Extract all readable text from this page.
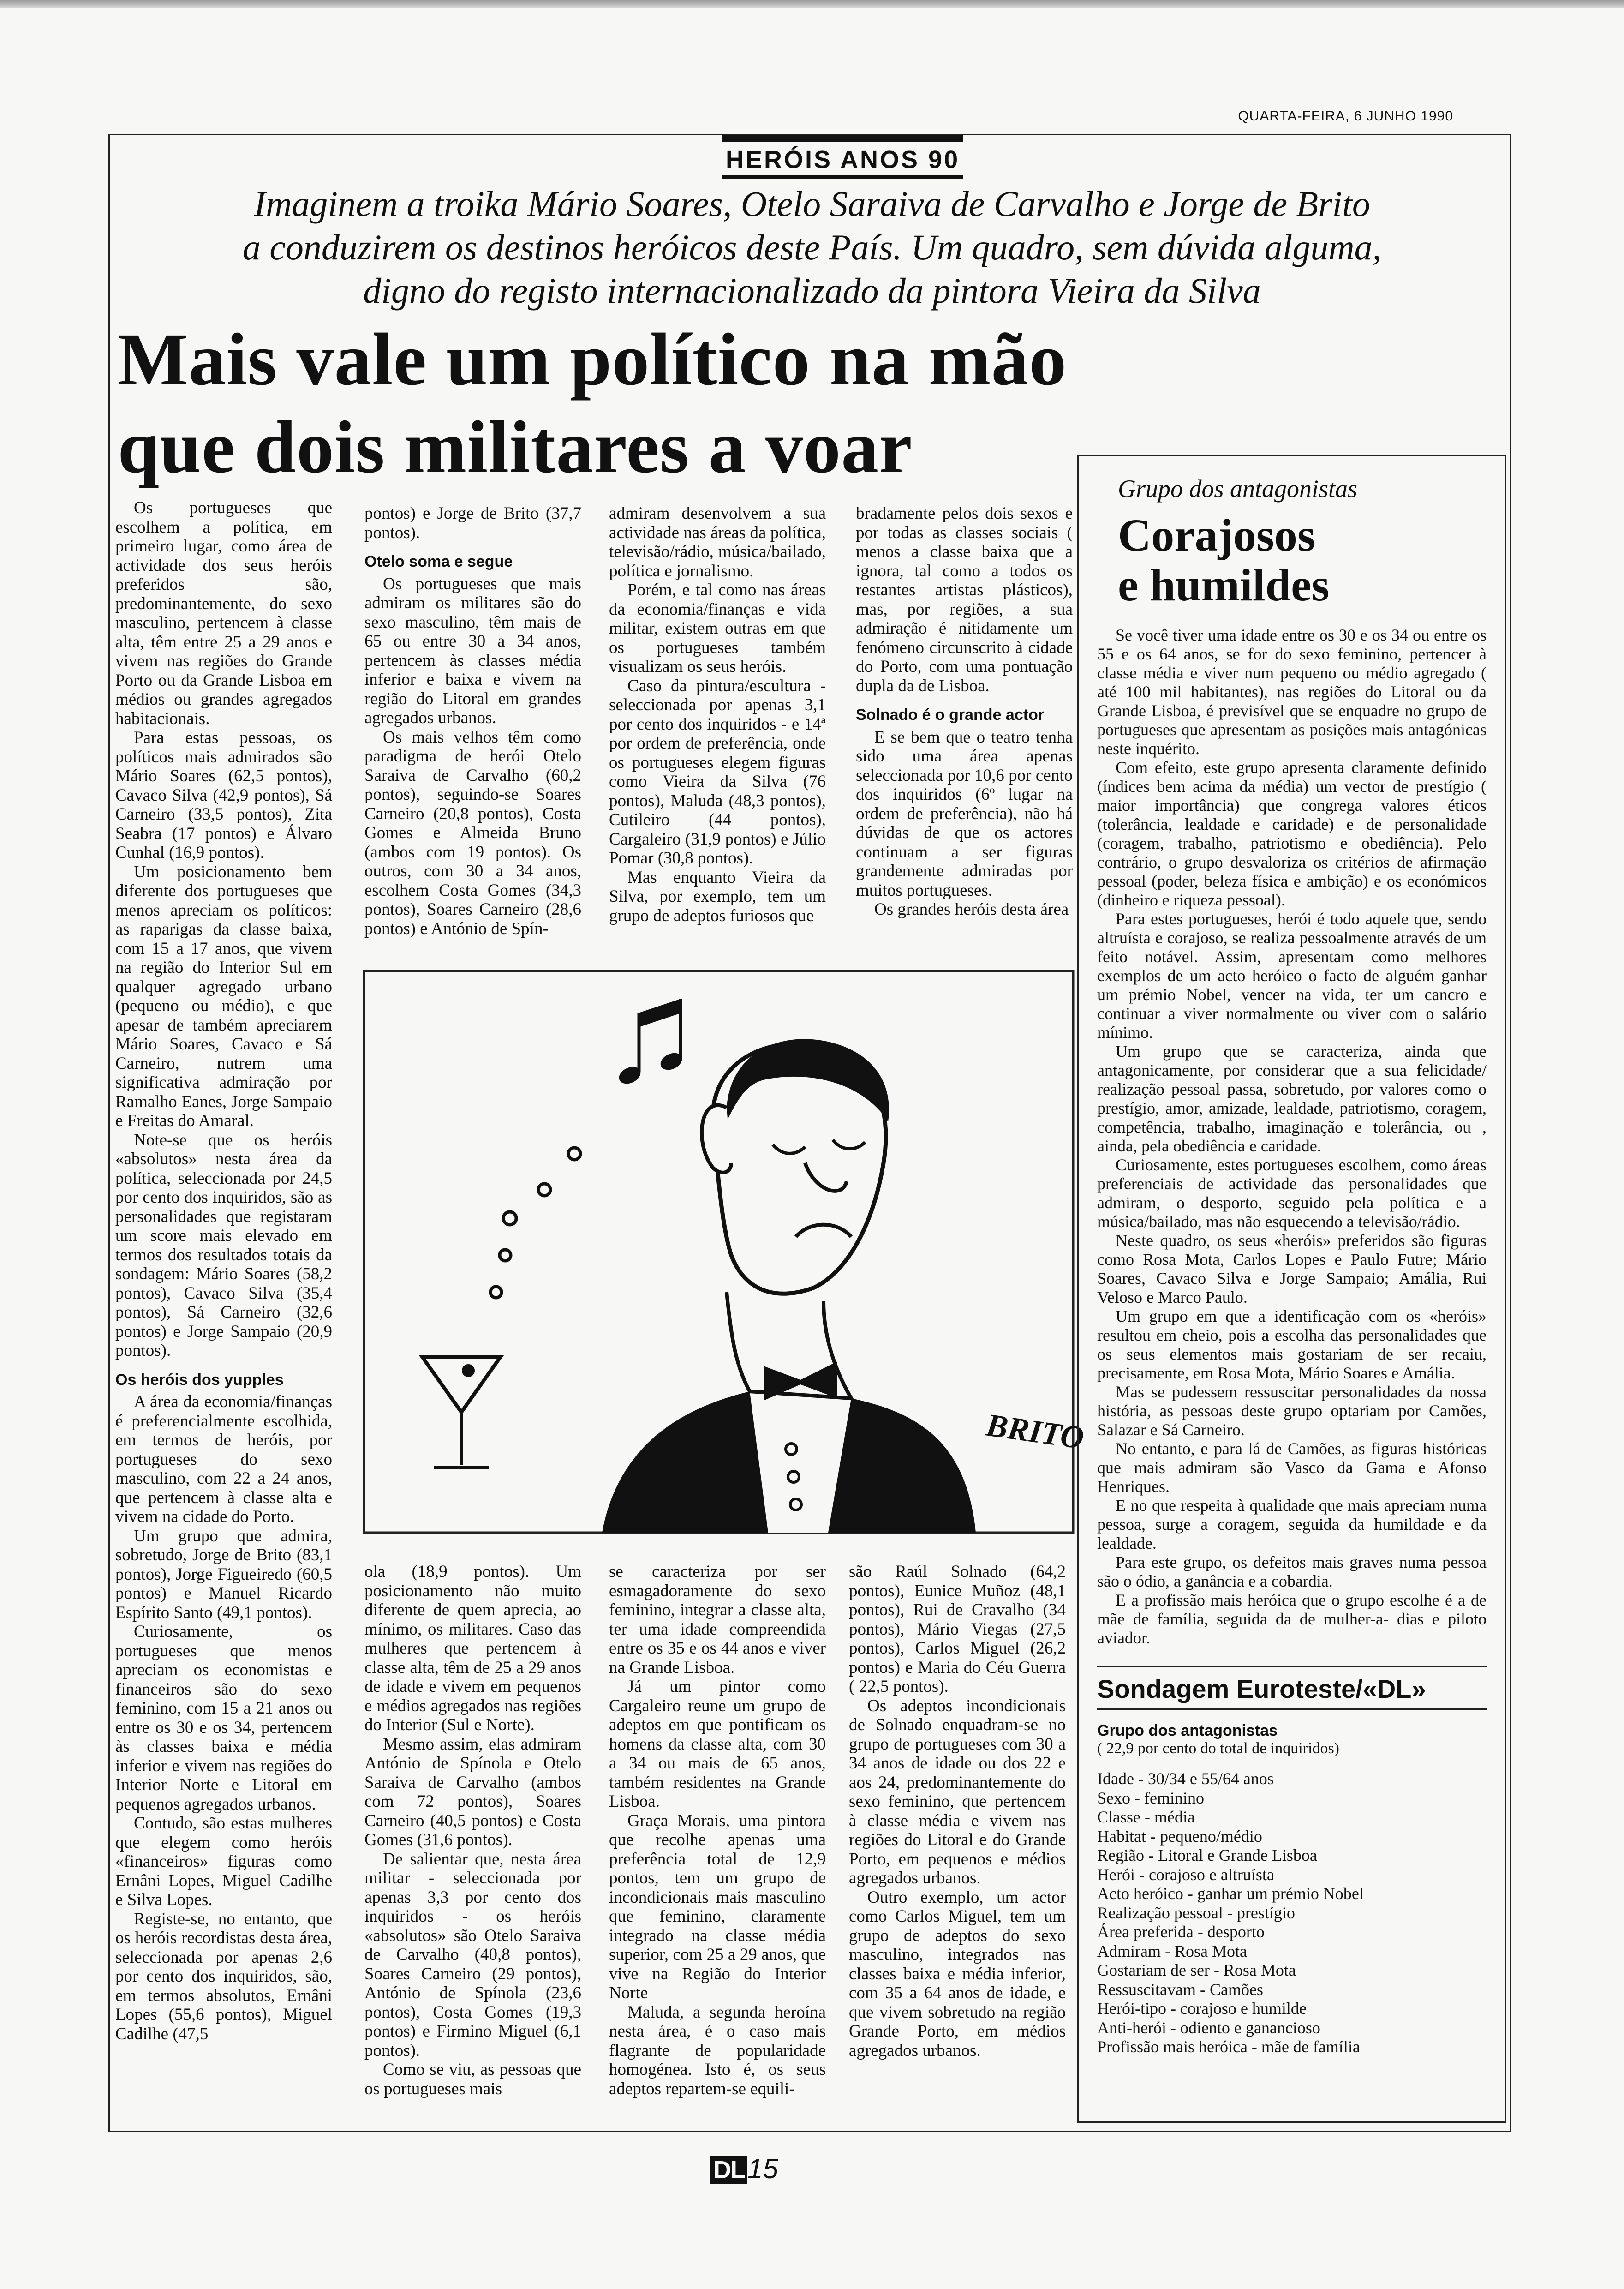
QUARTA-FEIRA, 6 JUNHO 1990
HERÓIS ANOS 90
Imaginem a troika Mário Soares, Otelo Saraiva de Carvalho e Jorge de Brito
a conduzirem os destinos heróicos deste País. Um quadro, sem dúvida alguma,
digno do registo internacionalizado da pintora Vieira da Silva
Mais vale um político na mão
que dois militares a voar

Os portugueses que escolhem a política, em primeiro lugar, como área de actividade dos seus heróis preferidos são, predominantemente, do sexo masculino, pertencem à classe alta, têm entre 25 a 29 anos e vivem nas regiões do Grande Porto ou da Grande Lisboa em médios ou grandes agregados habitacionais.

Para estas pessoas, os políticos mais admirados são Mário Soares (62,5 pontos), Cavaco Silva (42,9 pontos), Sá Carneiro (33,5 pontos), Zita Seabra (17 pontos) e Álvaro Cunhal (16,9 pontos).

Um posicionamento bem diferente dos portugueses que menos apreciam os políticos: as raparigas da classe baixa, com 15 a 17 anos, que vivem na região do Interior Sul em qualquer agregado urbano (pequeno ou médio), e que apesar de também apreciarem Mário Soares, Cavaco e Sá Carneiro, nutrem uma significativa admiração por Ramalho Eanes, Jorge Sampaio e Freitas do Amaral.

Note-se que os heróis «absolutos» nesta área da política, seleccionada por 24,5 por cento dos inquiridos, são as personalidades que registaram um score mais elevado em termos dos resultados totais da sondagem: Mário Soares (58,2 pontos), Cavaco Silva (35,4 pontos), Sá Carneiro (32,6 pontos) e Jorge Sampaio (20,9 pontos).

Os heróis dos yupples

A área da economia/finanças é preferencialmente escolhida, em termos de heróis, por portugueses do sexo masculino, com 22 a 24 anos, que pertencem à classe alta e vivem na cidade do Porto.

Um grupo que admira, sobretudo, Jorge de Brito (83,1 pontos), Jorge Figueiredo (60,5 pontos) e Manuel Ricardo Espírito Santo (49,1 pontos).

Curiosamente, os portugueses que menos apreciam os economistas e financeiros são do sexo feminino, com 15 a 21 anos ou entre os 30 e os 34, pertencem às classes baixa e média inferior e vivem nas regiões do Interior Norte e Litoral em pequenos agregados urbanos.

Contudo, são estas mulheres que elegem como heróis «financeiros» figuras como Ernâni Lopes, Miguel Cadilhe e Silva Lopes.

Registe-se, no entanto, que os heróis recordistas desta área, seleccionada por apenas 2,6 por cento dos inquiridos, são, em termos absolutos, Ernâni Lopes (55,6 pontos), Miguel Cadilhe (47,5

pontos) e Jorge de Brito (37,7 pontos).

Otelo soma e segue

Os portugueses que mais admiram os militares são do sexo masculino, têm mais de 65 ou entre 30 a 34 anos, pertencem às classes média inferior e baixa e vivem na região do Litoral em grandes agregados urbanos.

Os mais velhos têm como paradigma de herói Otelo Saraiva de Carvalho (60,2 pontos), seguindo-se Soares Carneiro (20,8 pontos), Costa Gomes e Almeida Bruno (ambos com 19 pontos). Os outros, com 30 a 34 anos, escolhem Costa Gomes (34,3 pontos), Soares Carneiro (28,6 pontos) e António de Spín-

admiram desenvolvem a sua actividade nas áreas da política, televisão/rádio, música/bailado, política e jornalismo.

Porém, e tal como nas áreas da economia/finanças e vida militar, existem outras em que os portugueses também visualizam os seus heróis.

Caso da pintura/escultura - seleccionada por apenas 3,1 por cento dos inquiridos - e 14ª por ordem de preferência, onde os portugueses elegem figuras como Vieira da Silva (76 pontos), Maluda (48,3 pontos), Cutileiro (44 pontos), Cargaleiro (31,9 pontos) e Júlio Pomar (30,8 pontos).

Mas enquanto Vieira da Silva, por exemplo, tem um grupo de adeptos furiosos que

bradamente pelos dois sexos e por todas as classes sociais ( menos a classe baixa que a ignora, tal como a todos os restantes artistas plásticos), mas, por regiões, a sua admiração é nitidamente um fenómeno circunscrito à cidade do Porto, com uma pontuação dupla da de Lisboa.

Solnado é o grande actor

E se bem que o teatro tenha sido uma área apenas seleccionada por 10,6 por cento dos inquiridos (6º lugar na ordem de preferência), não há dúvidas de que os actores continuam a ser figuras grandemente admiradas por muitos portugueses.

Os grandes heróis desta área

BRITO

ola (18,9 pontos). Um posicionamento não muito diferente de quem aprecia, ao mínimo, os militares. Caso das mulheres que pertencem à classe alta, têm de 25 a 29 anos de idade e vivem em pequenos e médios agregados nas regiões do Interior (Sul e Norte).

Mesmo assim, elas admiram António de Spínola e Otelo Saraiva de Carvalho (ambos com 72 pontos), Soares Carneiro (40,5 pontos) e Costa Gomes (31,6 pontos).

De salientar que, nesta área militar - seleccionada por apenas 3,3 por cento dos inquiridos - os heróis «absolutos» são Otelo Saraiva de Carvalho (40,8 pontos), Soares Carneiro (29 pontos), António de Spínola (23,6 pontos), Costa Gomes (19,3 pontos) e Firmino Miguel (6,1 pontos).

Como se viu, as pessoas que os portugueses mais

se caracteriza por ser esmagadoramente do sexo feminino, integrar a classe alta, ter uma idade compreendida entre os 35 e os 44 anos e viver na Grande Lisboa.

Já um pintor como Cargaleiro reune um grupo de adeptos em que pontificam os homens da classe alta, com 30 a 34 ou mais de 65 anos, também residentes na Grande Lisboa.

Graça Morais, uma pintora que recolhe apenas uma preferência total de 12,9 pontos, tem um grupo de incondicionais mais masculino que feminino, claramente integrado na classe média superior, com 25 a 29 anos, que vive na Região do Interior Norte

Maluda, a segunda heroína nesta área, é o caso mais flagrante de popularidade homogénea. Isto é, os seus adeptos repartem-se equili-

são Raúl Solnado (64,2 pontos), Eunice Muñoz (48,1 pontos), Rui de Cravalho (34 pontos), Mário Viegas (27,5 pontos), Carlos Miguel (26,2 pontos) e Maria do Céu Guerra ( 22,5 pontos).

Os adeptos incondicionais de Solnado enquadram-se no grupo de portugueses com 30 a 34 anos de idade ou dos 22 e aos 24, predominantemente do sexo feminino, que pertencem à classe média e vivem nas regiões do Litoral e do Grande Porto, em pequenos e médios agregados urbanos.

Outro exemplo, um actor como Carlos Miguel, tem um grupo de adeptos do sexo masculino, integrados nas classes baixa e média inferior, com 35 a 64 anos de idade, e que vivem sobretudo na região Grande Porto, em médios agregados urbanos.

Grupo dos antagonistas
Corajosos
e humildes

Se você tiver uma idade entre os 30 e os 34 ou entre os 55 e os 64 anos, se for do sexo feminino, pertencer à classe média e viver num pequeno ou médio agregado ( até 100 mil habitantes), nas regiões do Litoral ou da Grande Lisboa, é previsível que se enquadre no grupo de portugueses que apresentam as posições mais antagónicas neste inquérito.

Com efeito, este grupo apresenta claramente definido (índices bem acima da média) um vector de prestígio ( maior importância) que congrega valores éticos (tolerância, lealdade e caridade) e de personalidade (coragem, trabalho, patriotismo e obediência). Pelo contrário, o grupo desvaloriza os critérios de afirmação pessoal (poder, beleza física e ambição) e os económicos (dinheiro e riqueza pessoal).

Para estes portugueses, herói é todo aquele que, sendo altruísta e corajoso, se realiza pessoalmente através de um feito notável. Assim, apresentam como melhores exemplos de um acto heróico o facto de alguém ganhar um prémio Nobel, vencer na vida, ter um cancro e continuar a viver normalmente ou viver com o salário mínimo.

Um grupo que se caracteriza, ainda que antagonicamente, por considerar que a sua felicidade/ realização pessoal passa, sobretudo, por valores como o prestígio, amor, amizade, lealdade, patriotismo, coragem, competência, trabalho, imaginação e tolerância, ou , ainda, pela obediência e caridade.

Curiosamente, estes portugueses escolhem, como áreas preferenciais de actividade das personalidades que admiram, o desporto, seguido pela política e a música/bailado, mas não esquecendo a televisão/rádio.

Neste quadro, os seus «heróis» preferidos são figuras como Rosa Mota, Carlos Lopes e Paulo Futre; Mário Soares, Cavaco Silva e Jorge Sampaio; Amália, Rui Veloso e Marco Paulo.

Um grupo em que a identificação com os «heróis» resultou em cheio, pois a escolha das personalidades que os seus elementos mais gostariam de ser recaiu, precisamente, em Rosa Mota, Mário Soares e Amália.

Mas se pudessem ressuscitar personalidades da nossa história, as pessoas deste grupo optariam por Camões, Salazar e Sá Carneiro.

No entanto, e para lá de Camões, as figuras históricas que mais admiram são Vasco da Gama e Afonso Henriques.

E no que respeita à qualidade que mais apreciam numa pessoa, surge a coragem, seguida da humildade e da lealdade.

Para este grupo, os defeitos mais graves numa pessoa são o ódio, a ganância e a cobardia.

E a profissão mais heróica que o grupo escolhe é a de mãe de família, seguida da de mulher-a- dias e piloto aviador.

Sondagem Euroteste/«DL»
Grupo dos antagonistas
( 22,9 por cento do total de inquiridos)
Idade - 30/34 e 55/64 anos
Sexo - feminino
Classe - média
Habitat - pequeno/médio
Região - Litoral e Grande Lisboa
Herói - corajoso e altruísta
Acto heróico - ganhar um prémio Nobel
Realização pessoal - prestígio
Área preferida - desporto
Admiram - Rosa Mota
Gostariam de ser - Rosa Mota
Ressuscitavam - Camões
Herói-tipo - corajoso e humilde
Anti-herói - odiento e ganancioso
Profissão mais heróica - mãe de família
DL 15
